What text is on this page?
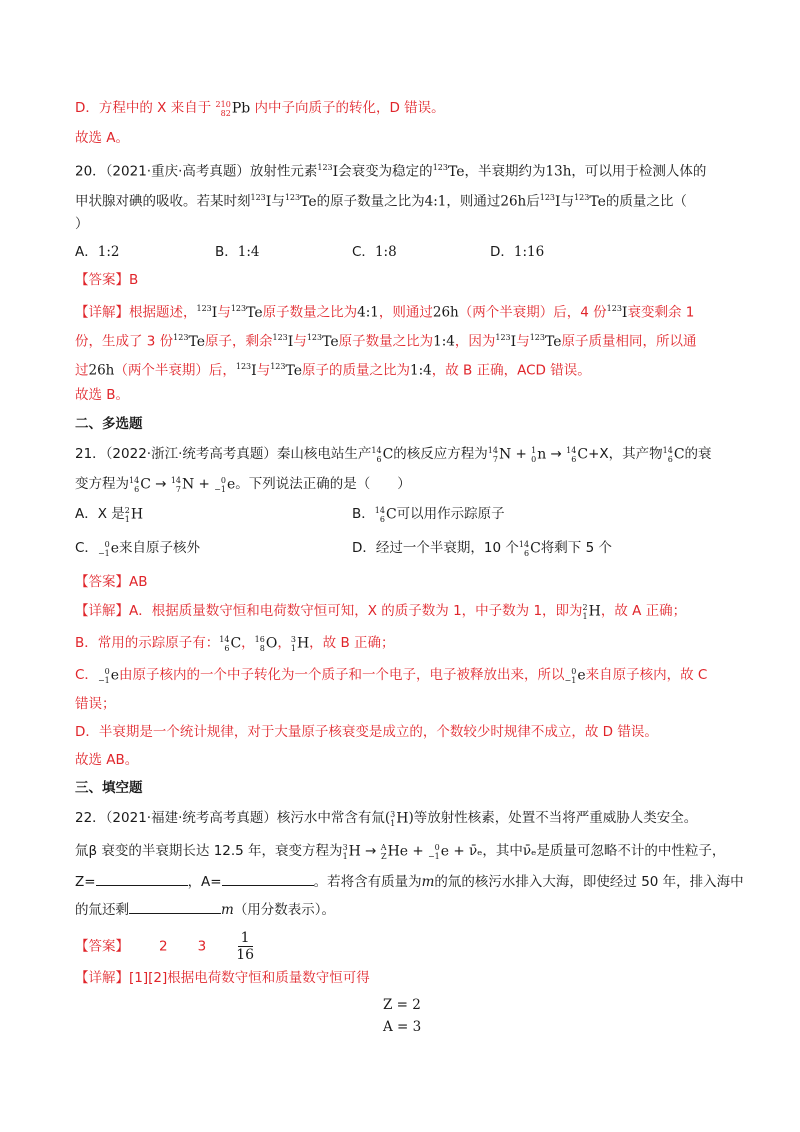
D．方程中的 X 来自于 210
82 Pb 内中子向质子的转化，D 错误。
故选 A。
20．（2021·重庆·高考真题）放射性元素$^{123}$I会衰变为稳定的$^{123}$Te，半衰期约为13h，可以用于检测人体的
甲状腺对碘的吸收。若某时刻$^{123}$I与$^{123}$Te的原子数量之比为4:1，则通过26h后$^{123}$I与$^{123}$Te的质量之比（
）
A．1:2	B．1:4	C．1:8	D．1:16
【答案】B
【详解】根据题述，$^{123}$I与$^{123}$Te原子数量之比为4:1，则通过26h（两个半衰期）后，4 份$^{123}$I衰变剩余 1
份，生成了 3 份$^{123}$Te原子，剩余$^{123}$I与$^{123}$Te原子数量之比为1:4，因为$^{123}$I与$^{123}$Te原子质量相同，所以通
过26h（两个半衰期）后，$^{123}$I与$^{123}$Te原子的质量之比为1:4，故 B 正确，ACD 错误。
故选 B。
二、多选题
21．（2022·浙江·统考高考真题）秦山核电站生产 14
6 C的核反应方程为 14
7 N + 1
0 n → 14
6 C+X，其产物 14
6 C的衰
变方程为 14
6 C → 14
7 N + 0
−1 e。下列说法正确的是（　　）
A．X 是 2
1 H	B． 14
6 C可以用作示踪原子
C． 0
−1 e来自原子核外	D．经过一个半衰期，10 个 14
6 C将剩下 5 个
【答案】AB
【详解】A．根据质量数守恒和电荷数守恒可知，X 的质子数为 1，中子数为 1，即为 2
1 H，故 A 正确；
B．常用的示踪原子有： 14
6 C， 16
8 O， 3
1 H，故 B 正确；
C． 0
−1 e由原子核内的一个中子转化为一个质子和一个电子，电子被释放出来，所以 0
−1 e来自原子核内，故 C
错误；
D．半衰期是一个统计规律，对于大量原子核衰变是成立的，个数较少时规律不成立，故 D 错误。
故选 AB。
三、填空题
22．（2021·福建·统考高考真题）核污水中常含有氚( 3
1 H)等放射性核素，处置不当将严重威胁人类安全。
氚β 衰变的半衰期长达 12.5 年，衰变方程为 3
1 H → A
Z He + 0
−1 e + ν̄ₑ，其中ν̄ₑ是质量可忽略不计的中性粒子，
Z=	，A=	。若将含有质量为m的氚的核污水排入大海，即使经过 50 年，排入海中
的氚还剩	m（用分数表示）。
【答案】 2 $3 \frac{1}{16}$
【详解】[1][2]根据电荷数守恒和质量数守恒可得
Z = 2
A = 3
